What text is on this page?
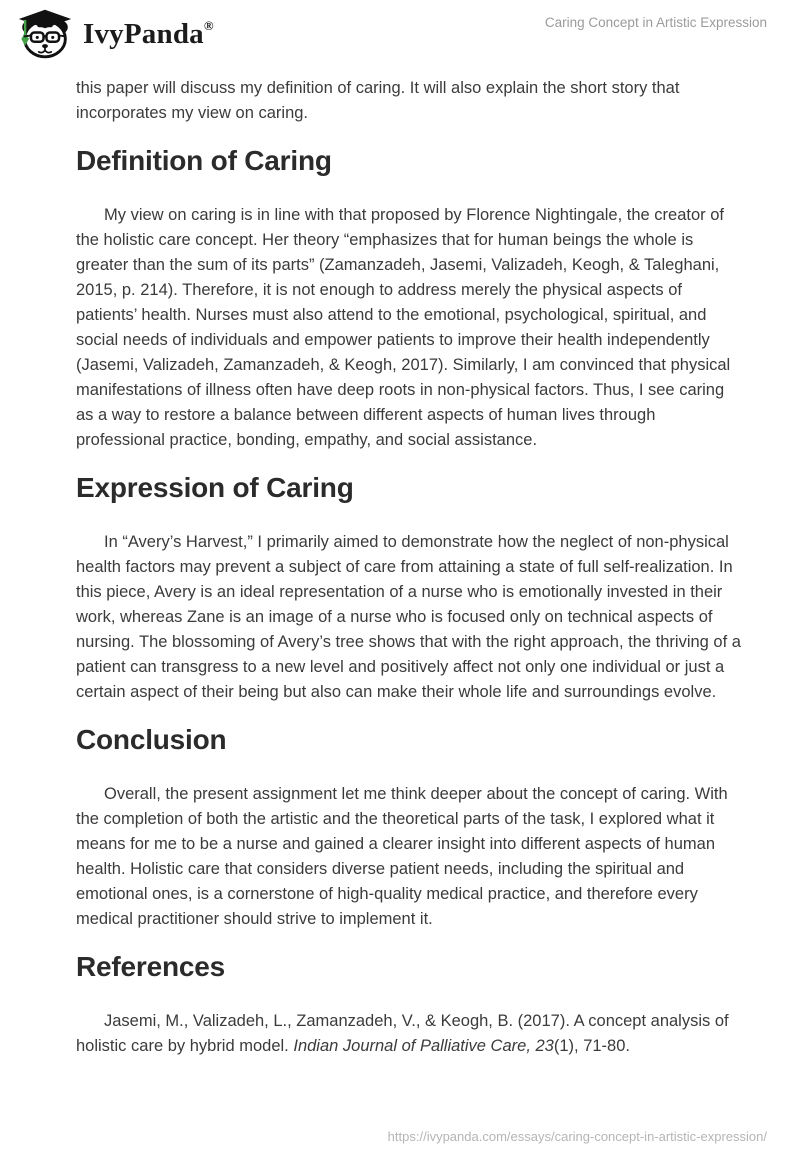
IvyPanda®	Caring Concept in Artistic Expression

this paper will discuss my definition of caring. It will also explain the short story that incorporates my view on caring.

Definition of Caring

My view on caring is in line with that proposed by Florence Nightingale, the creator of the holistic care concept. Her theory “emphasizes that for human beings the whole is greater than the sum of its parts” (Zamanzadeh, Jasemi, Valizadeh, Keogh, & Taleghani, 2015, p. 214). Therefore, it is not enough to address merely the physical aspects of patients’ health. Nurses must also attend to the emotional, psychological, spiritual, and social needs of individuals and empower patients to improve their health independently (Jasemi, Valizadeh, Zamanzadeh, & Keogh, 2017). Similarly, I am convinced that physical manifestations of illness often have deep roots in non-physical factors. Thus, I see caring as a way to restore a balance between different aspects of human lives through professional practice, bonding, empathy, and social assistance.

Expression of Caring

In “Avery’s Harvest,” I primarily aimed to demonstrate how the neglect of non-physical health factors may prevent a subject of care from attaining a state of full self-realization. In this piece, Avery is an ideal representation of a nurse who is emotionally invested in their work, whereas Zane is an image of a nurse who is focused only on technical aspects of nursing. The blossoming of Avery’s tree shows that with the right approach, the thriving of a patient can transgress to a new level and positively affect not only one individual or just a certain aspect of their being but also can make their whole life and surroundings evolve.

Conclusion

Overall, the present assignment let me think deeper about the concept of caring. With the completion of both the artistic and the theoretical parts of the task, I explored what it means for me to be a nurse and gained a clearer insight into different aspects of human health. Holistic care that considers diverse patient needs, including the spiritual and emotional ones, is a cornerstone of high-quality medical practice, and therefore every medical practitioner should strive to implement it.

References

Jasemi, M., Valizadeh, L., Zamanzadeh, V., & Keogh, B. (2017). A concept analysis of holistic care by hybrid model. Indian Journal of Palliative Care, 23(1), 71-80.

https://ivypanda.com/essays/caring-concept-in-artistic-expression/
